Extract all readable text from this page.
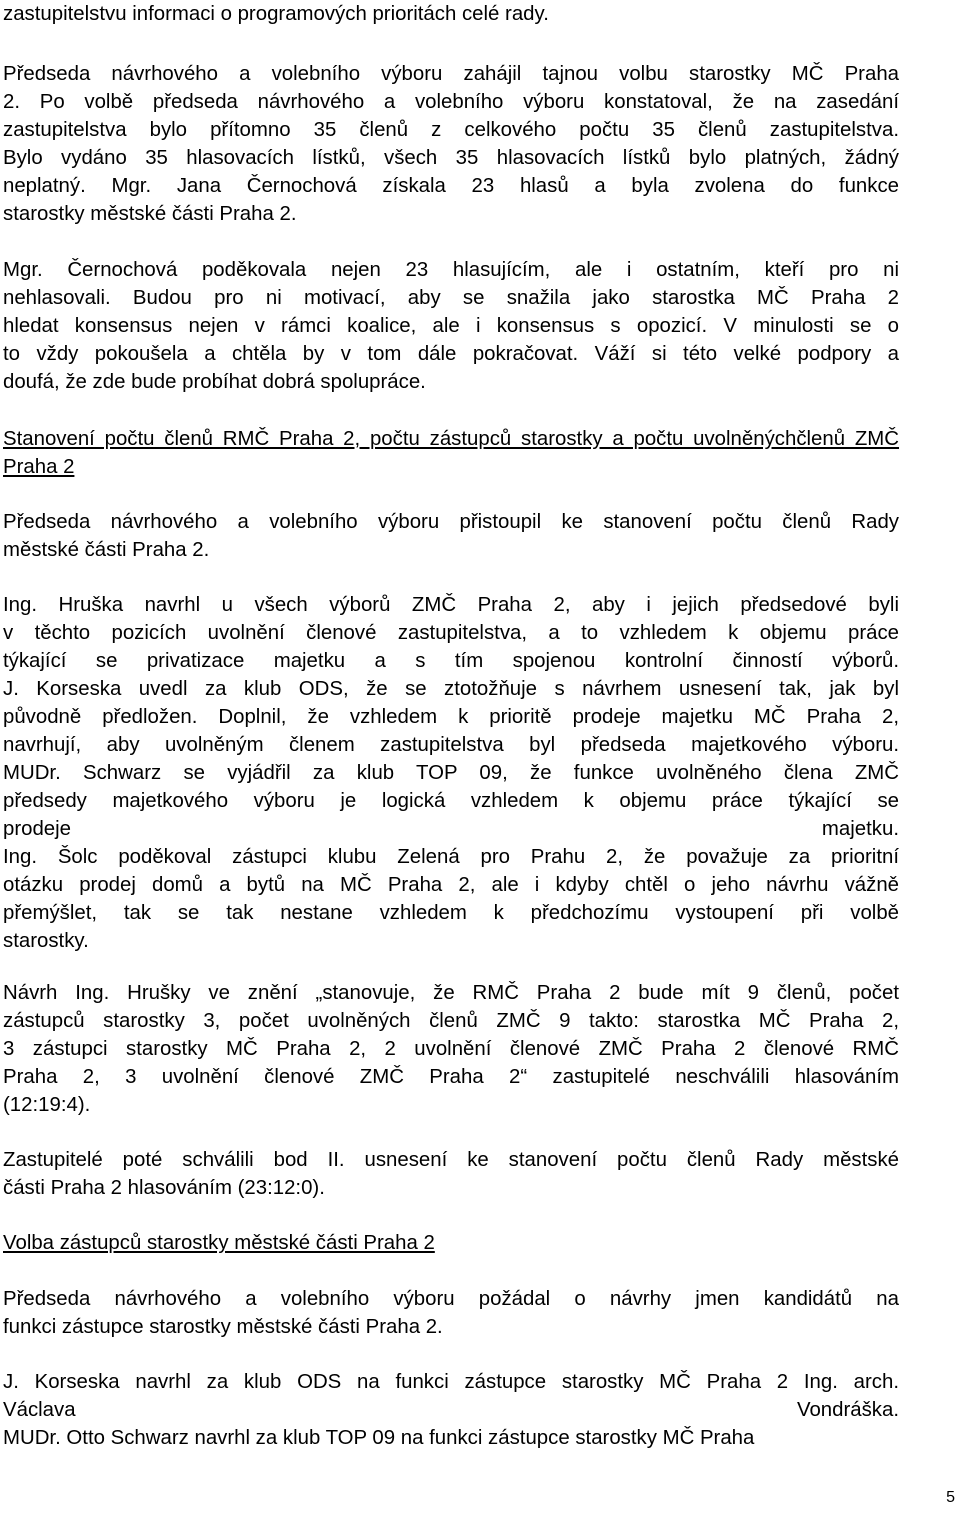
zastupitelstvu informaci o programových prioritách celé rady.
Předseda návrhového a volebního výboru zahájil tajnou volbu starostky MČ Praha
2. Po volbě předseda návrhového a volebního výboru konstatoval, že na zasedání
zastupitelstva bylo přítomno 35 členů z celkového počtu 35 členů zastupitelstva.
Bylo vydáno 35 hlasovacích lístků, všech 35 hlasovacích lístků bylo platných, žádný
neplatný. Mgr. Jana Černochová získala 23 hlasů a byla zvolena do funkce
starostky městské části Praha 2.
Mgr. Černochová poděkovala nejen 23 hlasujícím, ale i ostatním, kteří pro ni
nehlasovali. Budou pro ni motivací, aby se snažila jako starostka MČ Praha 2
hledat konsensus nejen v rámci koalice, ale i konsensus s opozicí. V minulosti se o
to vždy pokoušela a chtěla by v tom dále pokračovat. Váží si této velké podpory a
doufá, že zde bude probíhat dobrá spolupráce.
Stanovení počtu členů RMČ Praha 2, počtu zástupců starostky a počtu uvolněnýchčlenů ZMČ Praha 2
Předseda návrhového a volebního výboru přistoupil ke stanovení počtu členů Rady
městské části Praha 2.
Ing. Hruška navrhl u všech výborů ZMČ Praha 2, aby i jejich předsedové byli
v těchto pozicích uvolnění členové zastupitelstva, a to vzhledem k objemu práce
týkající se privatizace majetku a s tím spojenou kontrolní činností výborů.
J. Korseska uvedl za klub ODS, že se ztotožňuje s návrhem usnesení tak, jak byl
původně předložen. Doplnil, že vzhledem k prioritě prodeje majetku MČ Praha 2,
navrhují, aby uvolněným členem zastupitelstva byl předseda majetkového výboru.
MUDr. Schwarz se vyjádřil za klub TOP 09, že funkce uvolněného člena ZMČ
předsedy majetkového výboru je logická vzhledem k objemu práce týkající se
prodeje majetku.
Ing. Šolc poděkoval zástupci klubu Zelená pro Prahu 2, že považuje za prioritní
otázku prodej domů a bytů na MČ Praha 2, ale i kdyby chtěl o jeho návrhu vážně
přemýšlet, tak se tak nestane vzhledem k předchozímu vystoupení při volbě
starostky.
Návrh Ing. Hrušky ve znění „stanovuje, že RMČ Praha 2 bude mít 9 členů, počet
zástupců starostky 3, počet uvolněných členů ZMČ 9 takto: starostka MČ Praha 2,
3 zástupci starostky MČ Praha 2, 2 uvolnění členové ZMČ Praha 2 členové RMČ
Praha 2, 3 uvolnění členové ZMČ Praha 2“ zastupitelé neschválili hlasováním
(12:19:4).
Zastupitelé poté schválili bod II. usnesení ke stanovení počtu členů Rady městské
části Praha 2 hlasováním (23:12:0).
Volba zástupců starostky městské části Praha 2
Předseda návrhového a volebního výboru požádal o návrhy jmen kandidátů na
funkci zástupce starostky městské části Praha 2.
J. Korseska navrhl za klub ODS na funkci zástupce starostky MČ Praha 2 Ing. arch.
Václava Vondráška.
MUDr. Otto Schwarz navrhl za klub TOP 09 na funkci zástupce starostky MČ Praha
5
